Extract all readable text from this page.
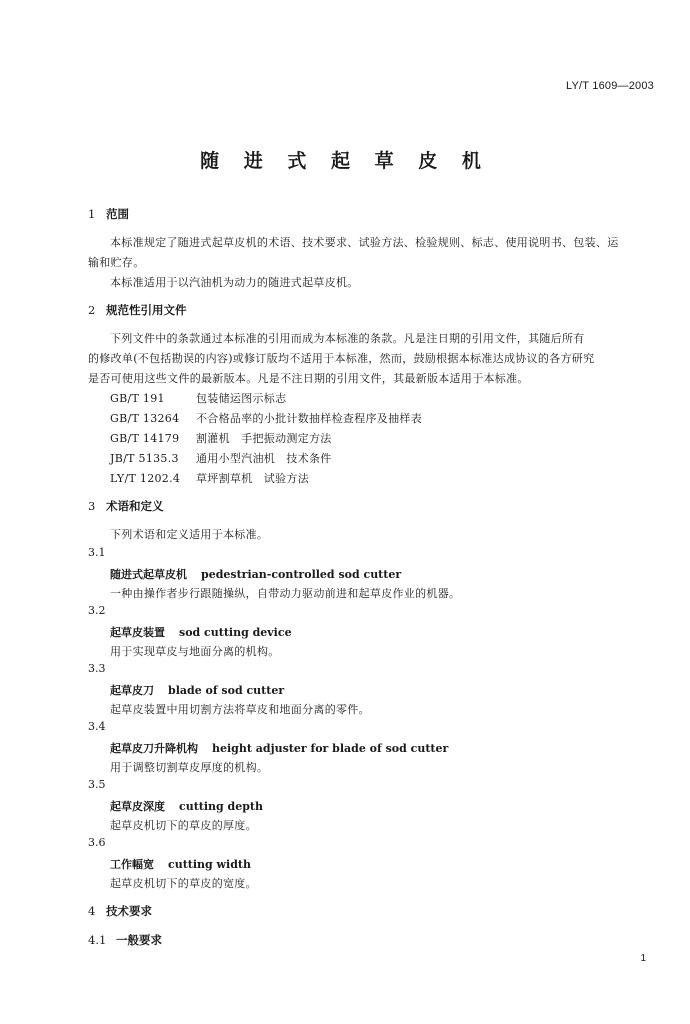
LY/T 1609—2003
随 进 式 起 草 皮 机
1 范围
本标准规定了随进式起草皮机的术语、技术要求、试验方法、检验规则、标志、使用说明书、包装、运
输和贮存。
本标准适用于以汽油机为动力的随进式起草皮机。
2 规范性引用文件
下列文件中的条款通过本标准的引用而成为本标准的条款。凡是注日期的引用文件，其随后所有
的修改单(不包括勘误的内容)或修订版均不适用于本标准，然而，鼓励根据本标准达成协议的各方研究
是否可使用这些文件的最新版本。凡是不注日期的引用文件，其最新版本适用于本标准。
GB/T 191	包装储运图示标志
GB/T 13264 不合格品率的小批计数抽样检查程序及抽样表
GB/T 14179 割灌机　手把振动测定方法
JB/T 5135.3 通用小型汽油机　技术条件
LY/T 1202.4 草坪割草机　试验方法
3 术语和定义
下列术语和定义适用于本标准。
3.1
随进式起草皮机 pedestrian-controlled sod cutter
一种由操作者步行跟随操纵，自带动力驱动前进和起草皮作业的机器。
3.2
起草皮装置 sod cutting device
用于实现草皮与地面分离的机构。
3.3
起草皮刀 blade of sod cutter
起草皮装置中用切割方法将草皮和地面分离的零件。
3.4
起草皮刀升降机构 height adjuster for blade of sod cutter
用于调整切割草皮厚度的机构。
3.5
起草皮深度 cutting depth
起草皮机切下的草皮的厚度。
3.6
工作幅宽 cutting width
起草皮机切下的草皮的宽度。
4 技术要求
4.1 一般要求
1
